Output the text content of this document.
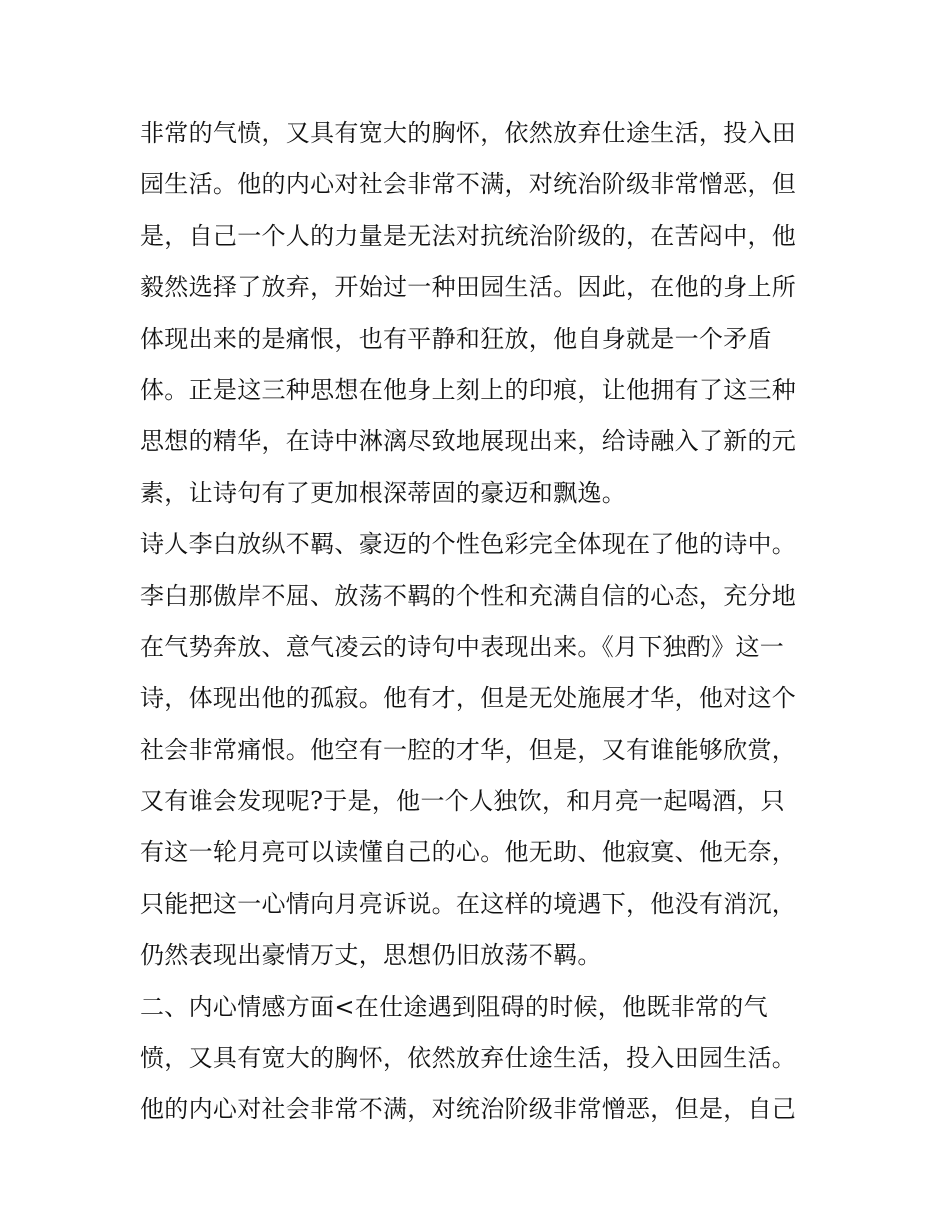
非常的气愤，又具有宽大的胸怀，依然放弃仕途生活，投入田
园生活。他的内心对社会非常不满，对统治阶级非常憎恶，但
是，自己一个人的力量是无法对抗统治阶级的，在苦闷中，他
毅然选择了放弃，开始过一种田园生活。因此，在他的身上所
体现出来的是痛恨，也有平静和狂放，他自身就是一个矛盾
体。正是这三种思想在他身上刻上的印痕，让他拥有了这三种
思想的精华，在诗中淋漓尽致地展现出来，给诗融入了新的元
素，让诗句有了更加根深蒂固的豪迈和飘逸。
诗人李白放纵不羁、豪迈的个性色彩完全体现在了他的诗中。
李白那傲岸不屈、放荡不羁的个性和充满自信的心态，充分地
在气势奔放、意气凌云的诗句中表现出来。《月下独酌》这一
诗，体现出他的孤寂。他有才，但是无处施展才华，他对这个
社会非常痛恨。他空有一腔的才华，但是，又有谁能够欣赏，
又有谁会发现呢?于是，他一个人独饮，和月亮一起喝酒，只
有这一轮月亮可以读懂自己的心。他无助、他寂寞、他无奈，
只能把这一心情向月亮诉说。在这样的境遇下，他没有消沉，
仍然表现出豪情万丈，思想仍旧放荡不羁。
二、内心情感方面<在仕途遇到阻碍的时候，他既非常的气
愤，又具有宽大的胸怀，依然放弃仕途生活，投入田园生活。
他的内心对社会非常不满，对统治阶级非常憎恶，但是，自己
